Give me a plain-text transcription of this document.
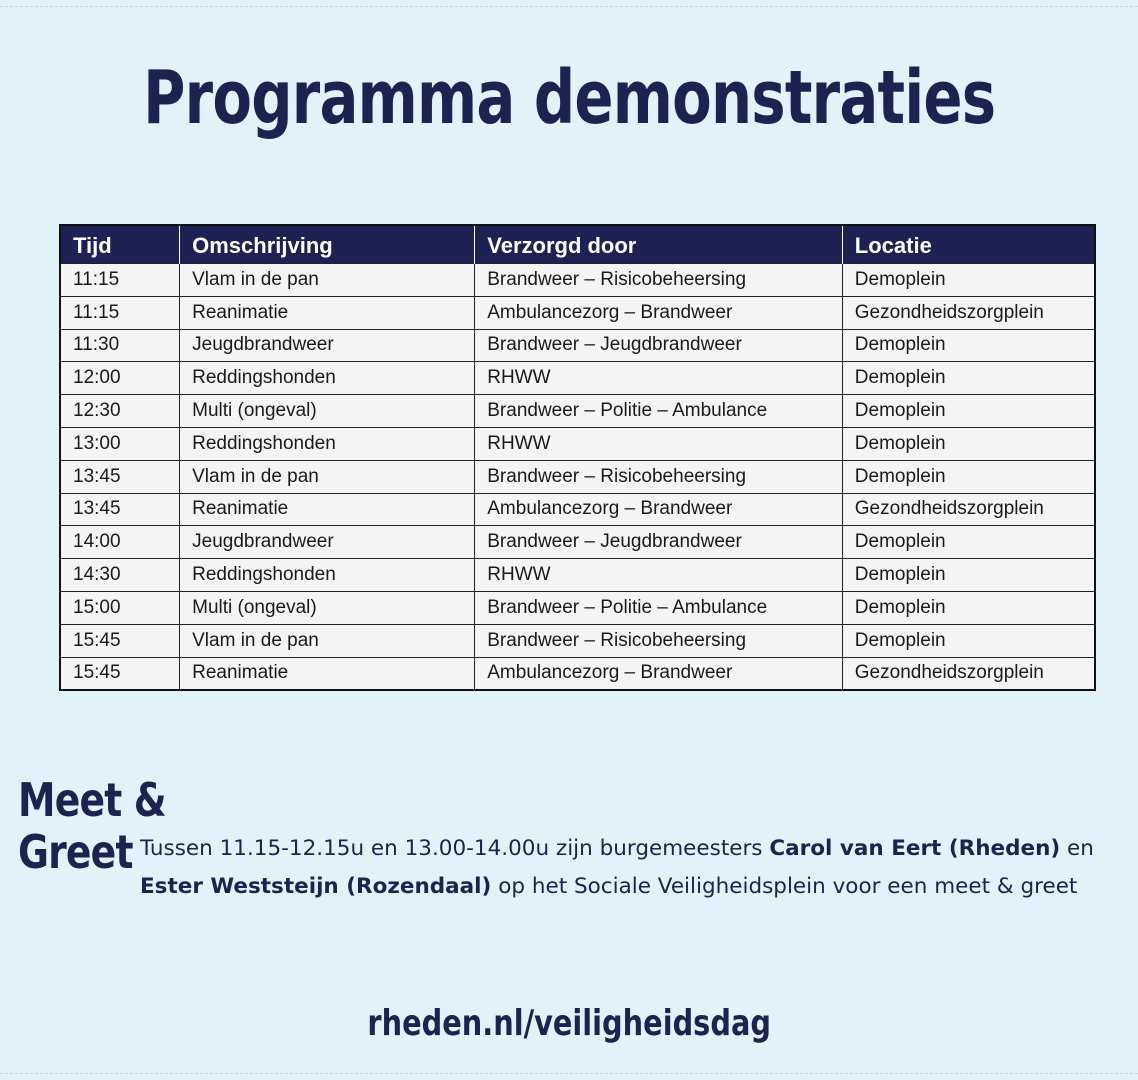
Programma demonstraties
Tijd	Omschrijving	Verzorgd door	Locatie
11:15	Vlam in de pan	Brandweer – Risicobeheersing	Demoplein
11:15	Reanimatie	Ambulancezorg – Brandweer	Gezondheidszorgplein
11:30	Jeugdbrandweer	Brandweer – Jeugdbrandweer	Demoplein
12:00	Reddingshonden	RHWW	Demoplein
12:30	Multi (ongeval)	Brandweer – Politie – Ambulance	Demoplein
13:00	Reddingshonden	RHWW	Demoplein
13:45	Vlam in de pan	Brandweer – Risicobeheersing	Demoplein
13:45	Reanimatie	Ambulancezorg – Brandweer	Gezondheidszorgplein
14:00	Jeugdbrandweer	Brandweer – Jeugdbrandweer	Demoplein
14:30	Reddingshonden	RHWW	Demoplein
15:00	Multi (ongeval)	Brandweer – Politie – Ambulance	Demoplein
15:45	Vlam in de pan	Brandweer – Risicobeheersing	Demoplein
15:45	Reanimatie	Ambulancezorg – Brandweer	Gezondheidszorgplein
Meet &
Greet Tussen 11.15-12.15u en 13.00-14.00u zijn burgemeesters Carol van Eert (Rheden) en
Ester Weststeijn (Rozendaal) op het Sociale Veiligheidsplein voor een meet & greet
rheden.nl/veiligheidsdag
